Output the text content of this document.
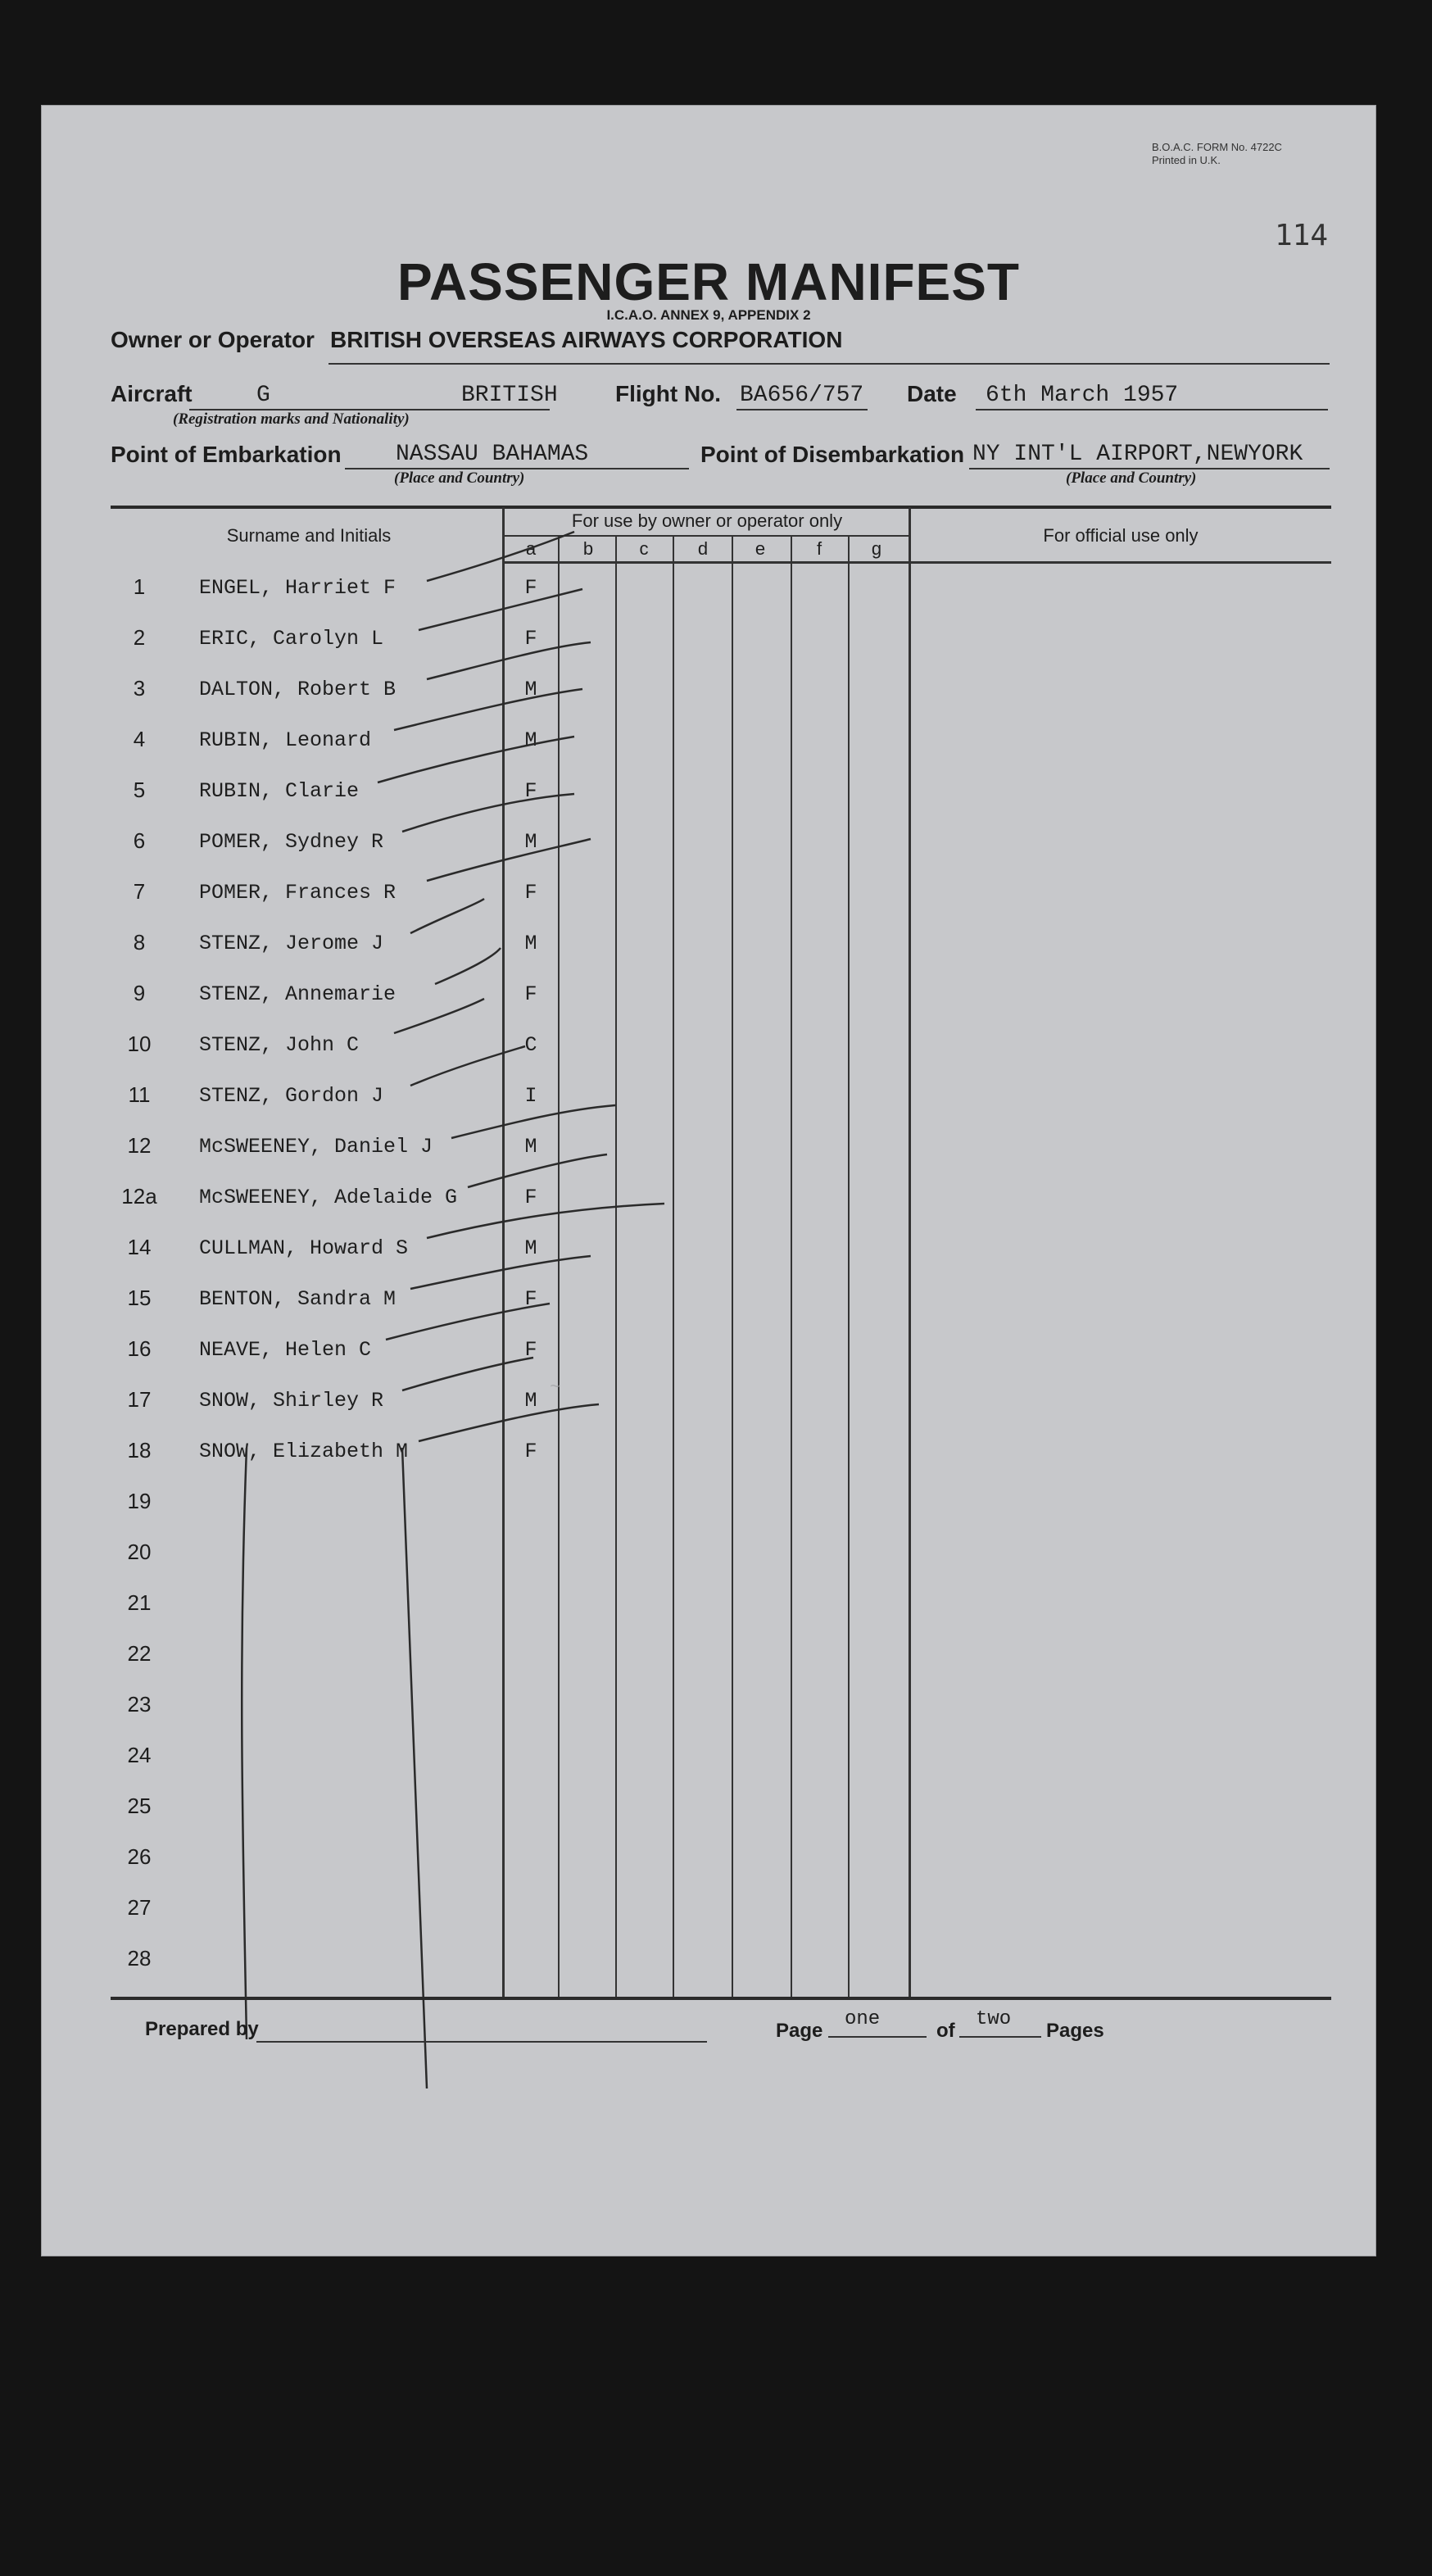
B.O.A.C. FORM No. 4722C
Printed in U.K.
114
PASSENGER MANIFEST
I.C.A.O. ANNEX 9, APPENDIX 2
Owner or Operator BRITISH OVERSEAS AIRWAYS CORPORATION
Aircraft	G	BRITISH
(Registration marks and Nationality)
Flight No. BA656/757 Date 6th March 1957
Point of Embarkation NASSAU BAHAMAS
(Place and Country)
Point of Disembarkation NY INT'L AIRPORT,NEWYORK
(Place and Country)
Surname and Initials
For use by owner or operator only
For official use only
a	b	c	d	e	f	g
1	ENGEL, Harriet F	F
2	ERIC, Carolyn L	F
3	DALTON, Robert B	M
4	RUBIN, Leonard	M
5	RUBIN, Clarie	F
6	POMER, Sydney R	M
7	POMER, Frances R	F
8	STENZ, Jerome J	M
9	STENZ, Annemarie	F
10	STENZ, John C	C
11	STENZ, Gordon J	I
12	McSWEENEY, Daniel J	M
12a	McSWEENEY, Adelaide G	F
14	CULLMAN, Howard S	M
15	BENTON, Sandra M	F
16	NEAVE, Helen C	F
17	SNOW, Shirley R	M
18	SNOW, Elizabeth M	F
19
20
21
22
23
24
25
26
27
28
~
Prepared by	Page
one
of
two
Pages
